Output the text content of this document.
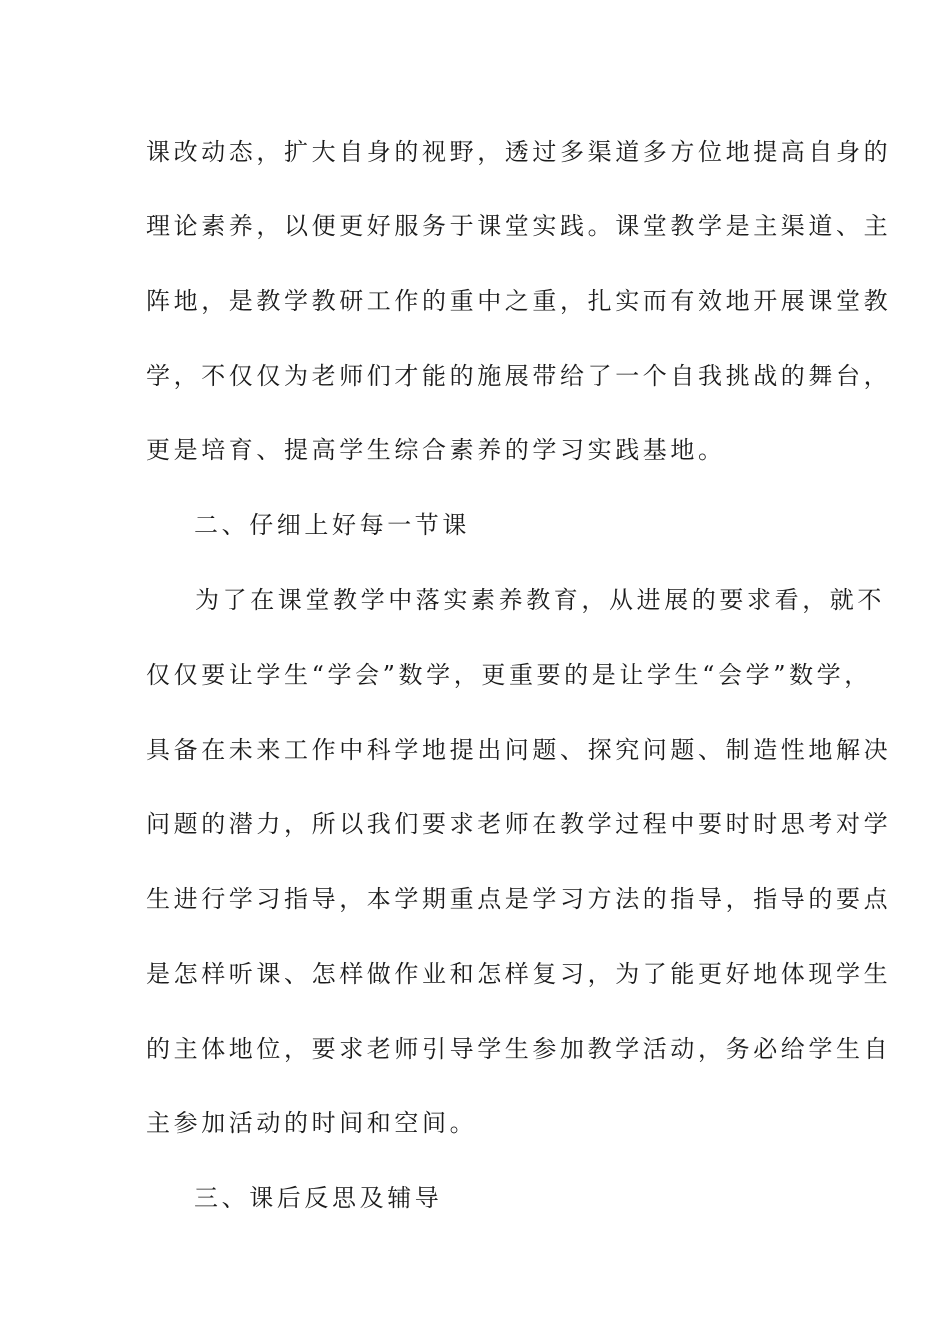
课改动态，扩大自身的视野，透过多渠道多方位地提高自身的
理论素养，以便更好服务于课堂实践。课堂教学是主渠道、主
阵地，是教学教研工作的重中之重，扎实而有效地开展课堂教
学，不仅仅为老师们才能的施展带给了一个自我挑战的舞台，
更是培育、提高学生综合素养的学习实践基地。
二、仔细上好每一节课
为了在课堂教学中落实素养教育，从进展的要求看，就不
仅仅要让学生“学会”数学，更重要的是让学生“会学”数学，
具备在未来工作中科学地提出问题、探究问题、制造性地解决
问题的潜力，所以我们要求老师在教学过程中要时时思考对学
生进行学习指导，本学期重点是学习方法的指导，指导的要点
是怎样听课、怎样做作业和怎样复习，为了能更好地体现学生
的主体地位，要求老师引导学生参加教学活动，务必给学生自
主参加活动的时间和空间。
三、课后反思及辅导
